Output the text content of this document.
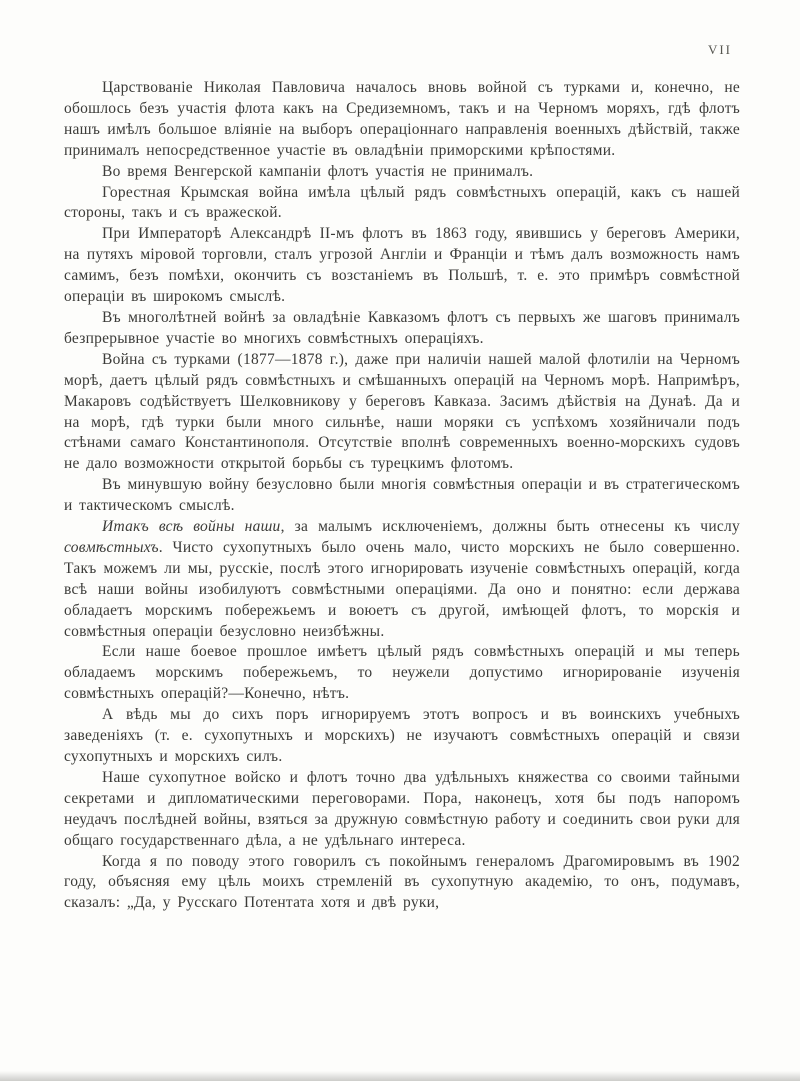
VII

Царствованіе Николая Павловича началось вновь войной съ турками и, конечно, не обошлось безъ участія флота какъ на Средиземномъ, такъ и на Черномъ моряхъ, гдѣ флотъ нашъ имѣлъ большое вліяніе на выборъ операціоннаго направленія военныхъ дѣйствій, также принималъ непосредственное участіе въ овладѣніи приморскими крѣпостями.

Во время Венгерской кампаніи флотъ участія не принималъ.

Горестная Крымская война имѣла цѣлый рядъ совмѣстныхъ операцій, какъ съ нашей стороны, такъ и съ вражеской.

При Императорѣ Александрѣ II-мъ флотъ въ 1863 году, явившись у береговъ Америки, на путяхъ міровой торговли, сталъ угрозой Англіи и Франціи и тѣмъ далъ возможность намъ самимъ, безъ помѣхи, окончить съ возстаніемъ въ Польшѣ, т. е. это примѣръ совмѣстной операціи въ широкомъ смыслѣ.

Въ многолѣтней войнѣ за овладѣніе Кавказомъ флотъ съ первыхъ же шаговъ принималъ безпрерывное участіе во многихъ совмѣстныхъ операціяхъ.

Война съ турками (1877—1878 г.), даже при наличіи нашей малой флотиліи на Черномъ морѣ, даетъ цѣлый рядъ совмѣстныхъ и смѣшанныхъ операцій на Черномъ морѣ. Напримѣръ, Макаровъ содѣйствуетъ Шелковникову у береговъ Кавказа. Засимъ дѣйствія на Дунаѣ. Да и на морѣ, гдѣ турки были много сильнѣе, наши моряки съ успѣхомъ хозяйничали подъ стѣнами самаго Константинополя. Отсутствіе вполнѣ современныхъ военно-морскихъ судовъ не дало возможности открытой борьбы съ турецкимъ флотомъ.

Въ минувшую войну безусловно были многія совмѣстныя операціи и въ стратегическомъ и тактическомъ смыслѣ.

Итакъ всѣ войны наши, за малымъ исключеніемъ, должны быть отнесены къ числу совмѣстныхъ. Чисто сухопутныхъ было очень мало, чисто морскихъ не было совершенно. Такъ можемъ ли мы, русскіе, послѣ этого игнорировать изученіе совмѣстныхъ операцій, когда всѣ наши войны изобилуютъ совмѣстными операціями. Да оно и понятно: если держава обладаетъ морскимъ побережьемъ и воюетъ съ другой, имѣющей флотъ, то морскія и совмѣстныя операціи безусловно неизбѣжны.

Если наше боевое прошлое имѣетъ цѣлый рядъ совмѣстныхъ операцій и мы теперь обладаемъ морскимъ побережьемъ, то неужели допустимо игнорированіе изученія совмѣстныхъ операцій?—Конечно, нѣтъ.

А вѣдь мы до сихъ поръ игнорируемъ этотъ вопросъ и въ воинскихъ учебныхъ заведеніяхъ (т. е. сухопутныхъ и морскихъ) не изучаютъ совмѣстныхъ операцій и связи сухопутныхъ и морскихъ силъ.

Наше сухопутное войско и флотъ точно два удѣльныхъ княжества со своими тайными секретами и дипломатическими переговорами. Пора, наконецъ, хотя бы подъ напоромъ неудачъ послѣдней войны, взяться за дружную совмѣстную работу и соединить свои руки для общаго государственнаго дѣла, а не удѣльнаго интереса.

Когда я по поводу этого говорилъ съ покойнымъ генераломъ Драгомировымъ въ 1902 году, объясняя ему цѣль моихъ стремленій въ сухопутную академію, то онъ, подумавъ, сказалъ: „Да, у Русскаго Потентата хотя и двѣ руки,
